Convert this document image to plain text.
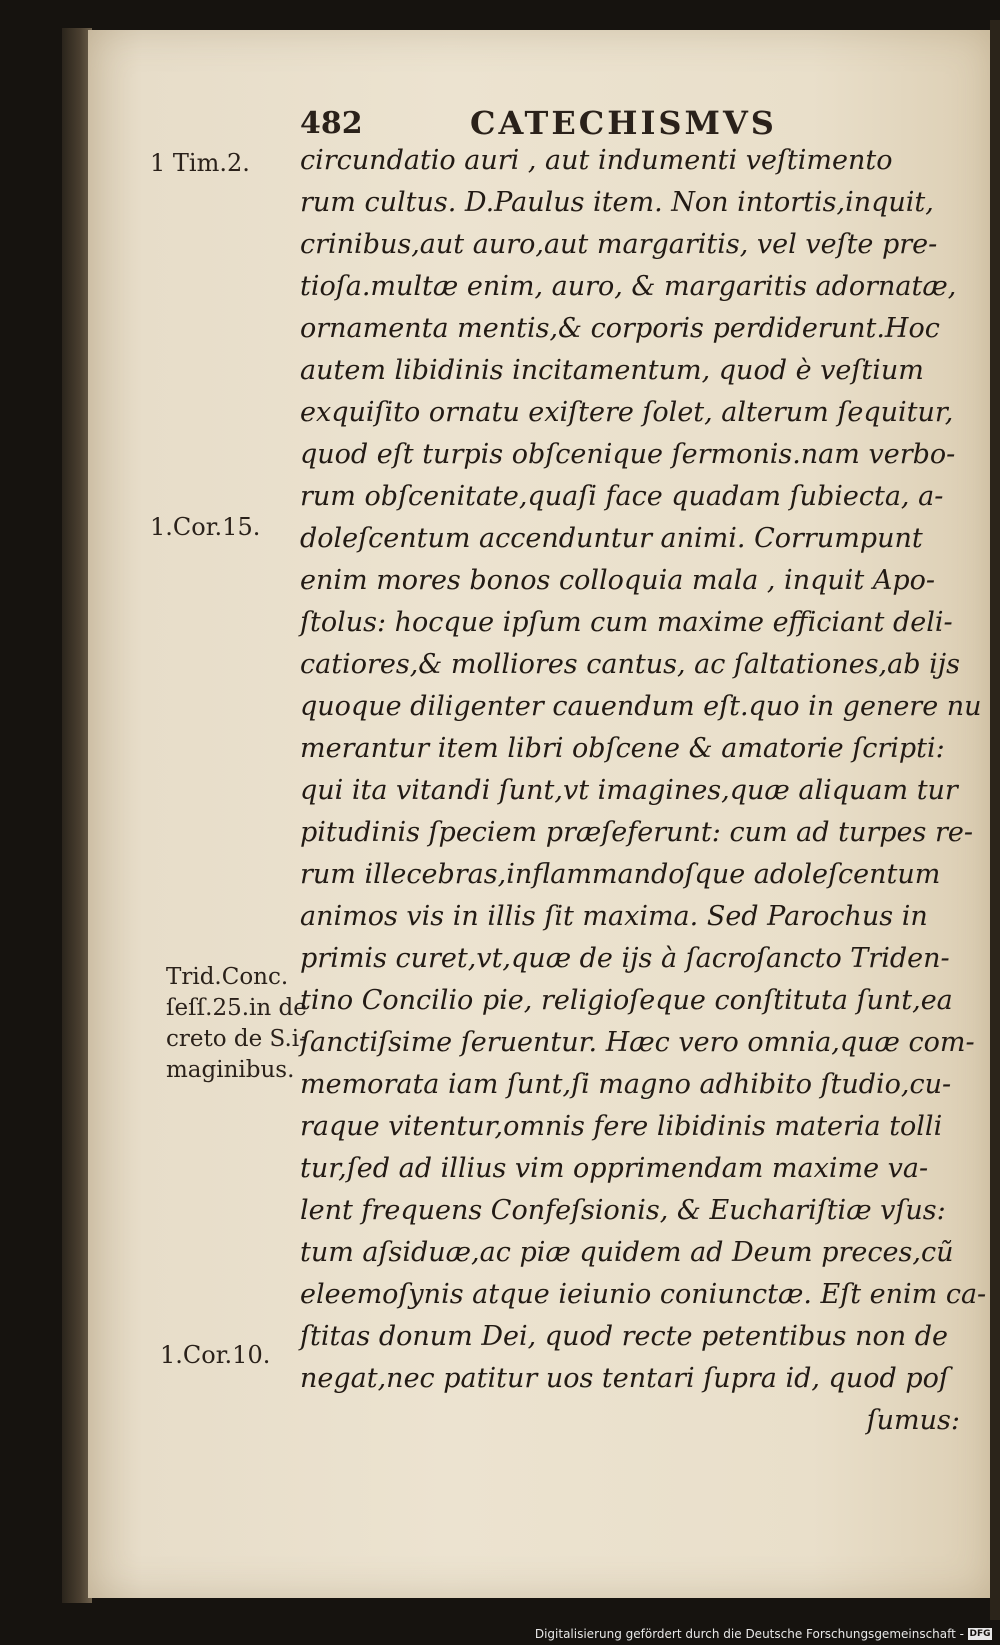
482	CATECHISMVS
1 Tim.2.
1.Cor.15.
Trid.Conc.
ſeſſ.25.in de
creto de S.i-
maginibus.
1.Cor.10.
circundatio auri , aut indumenti veſtimento
rum cultus. D.Paulus item. Non intortis,inquit,
crinibus,aut auro,aut margaritis, vel veſte pre-
tioſa.multæ enim, auro, & margaritis adornatæ,
ornamenta mentis,& corporis perdiderunt.Hoc
autem libidinis incitamentum, quod è veſtium
exquiſito ornatu exiſtere ſolet, alterum ſequitur,
quod eſt turpis obſcenique ſermonis.nam verbo-
rum obſcenitate,quaſi face quadam ſubiecta, a-
doleſcentum accenduntur animi. Corrumpunt
enim mores bonos colloquia mala , inquit Apo-
ſtolus: hocque ipſum cum maxime efficiant deli-
catiores,& molliores cantus, ac ſaltationes,ab ijs
quoque diligenter cauendum eſt.quo in genere nu
merantur item libri obſcene & amatorie ſcripti:
qui ita vitandi ſunt,vt imagines,quæ aliquam tur
pitudinis ſpeciem præſeferunt: cum ad turpes re-
rum illecebras,inflammandoſque adoleſcentum
animos vis in illis ſit maxima. Sed Parochus in
primis curet,vt,quæ de ijs à ſacroſancto Triden-
tino Concilio pie, religioſeque conſtituta ſunt,ea
ſanctiſsime ſeruentur. Hæc vero omnia,quæ com-
memorata iam ſunt,ſi magno adhibito ſtudio,cu-
raque vitentur,omnis fere libidinis materia tolli
tur,ſed ad illius vim opprimendam maxime va-
lent frequens Confeſsionis, & Euchariſtiæ vſus:
tum aſsiduæ,ac piæ quidem ad Deum preces,cũ
eleemoſynis atque ieiunio coniunctæ. Eſt enim ca-
ſtitas donum Dei, quod recte petentibus non de
negat,nec patitur uos tentari ſupra id, quod poſ
ſumus:
Digitalisierung gefördert durch die Deutsche Forschungsgemeinschaft - DFG
